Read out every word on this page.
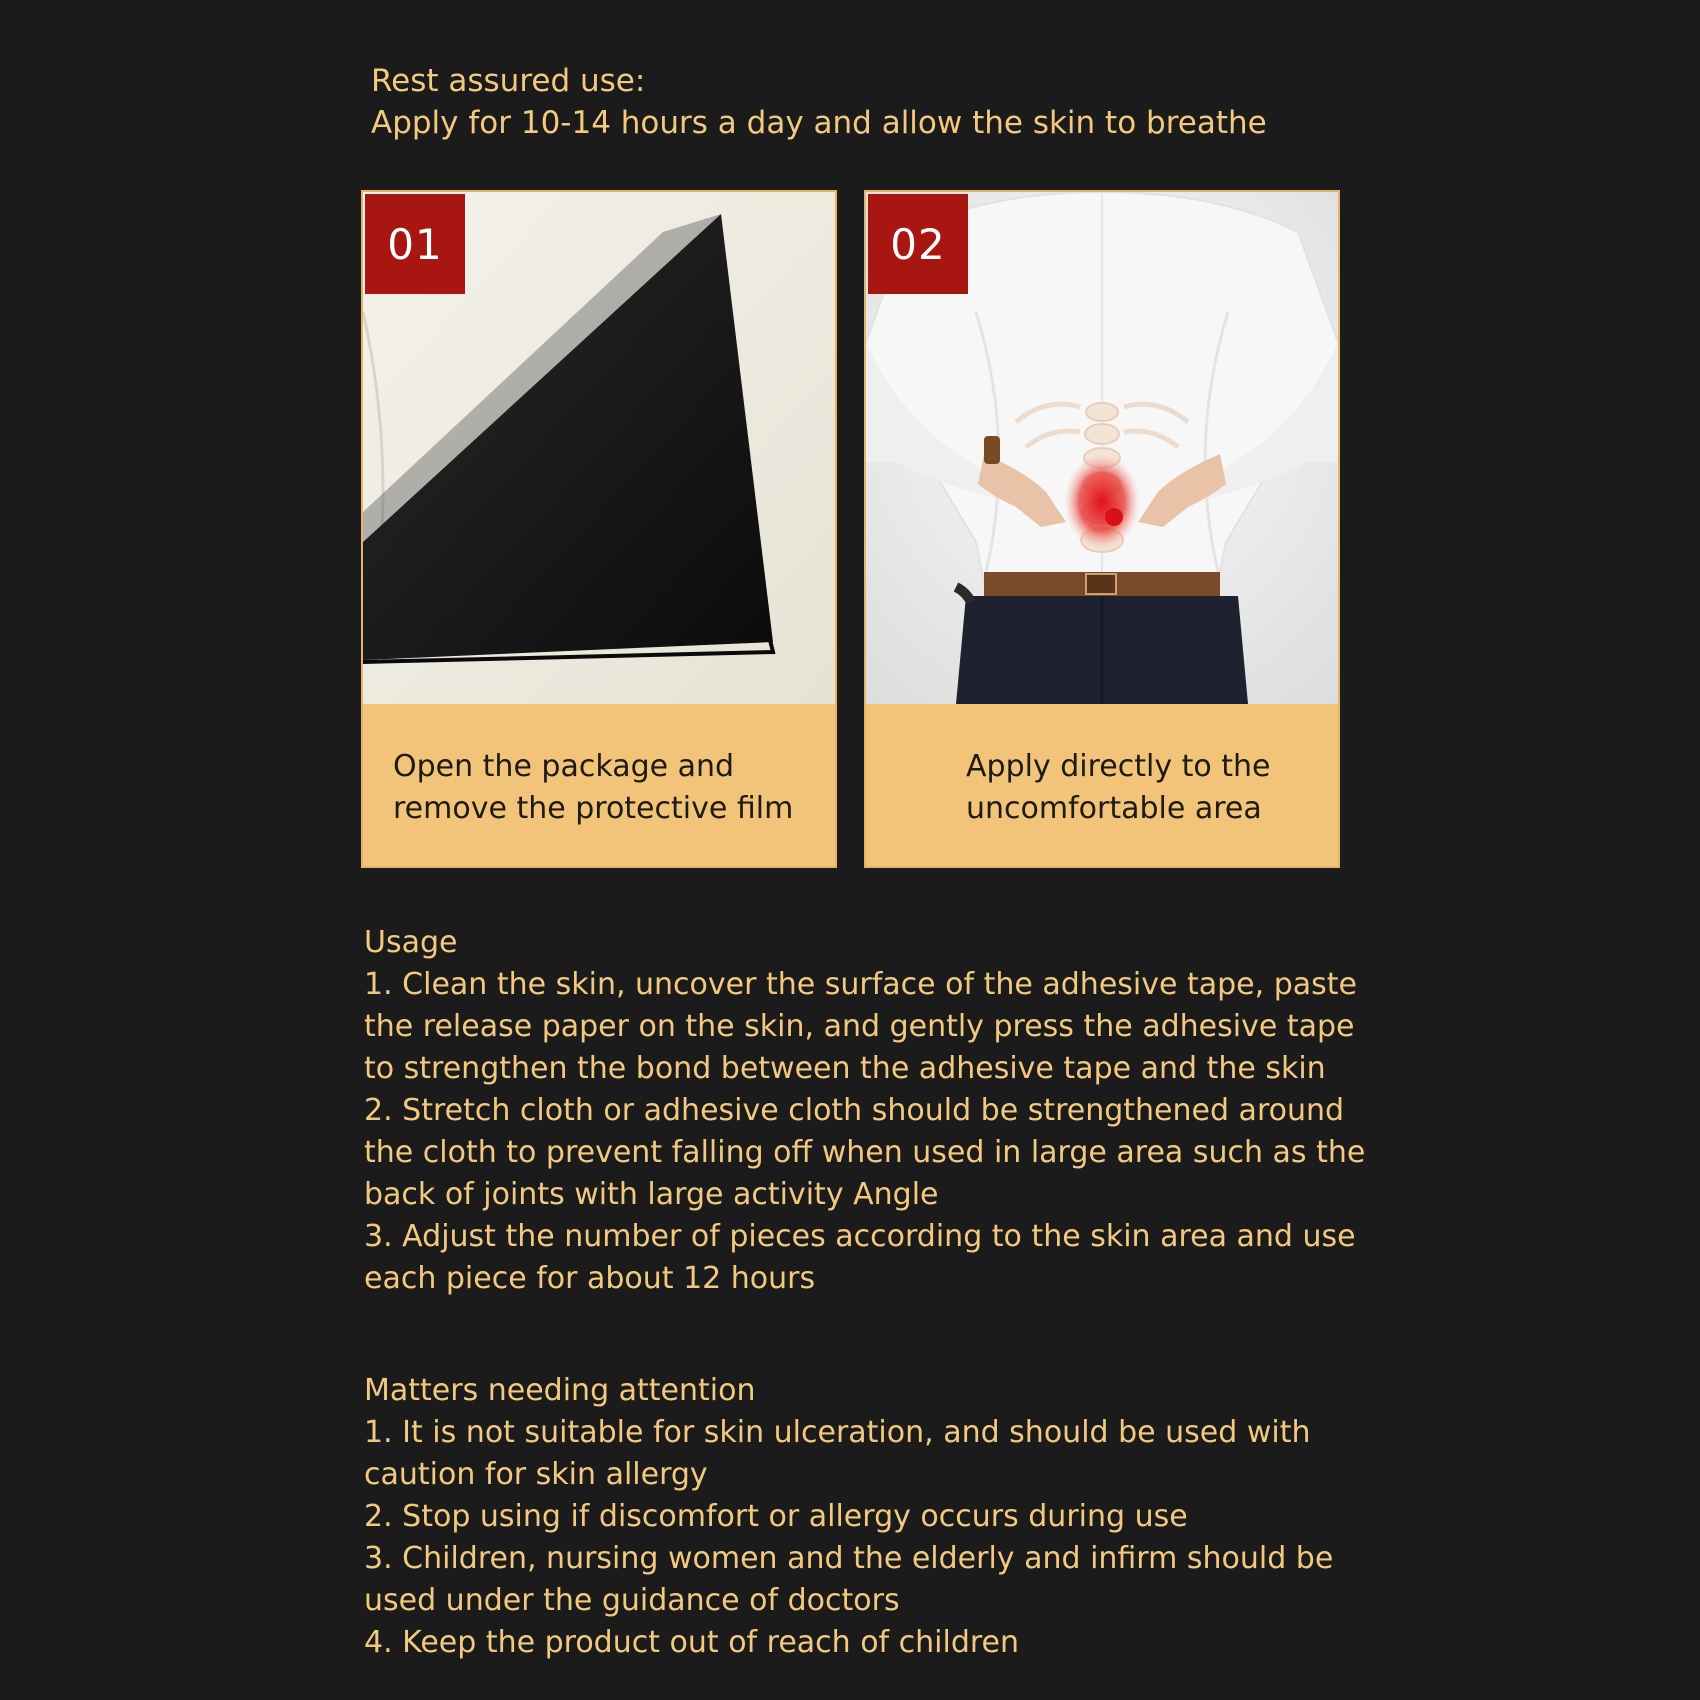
Rest assured use:
Apply for 10-14 hours a day and allow the skin to breathe
01
Open the package and
remove the protective film
02
Apply directly to the
uncomfortable area
Usage
1. Clean the skin, uncover the surface of the adhesive tape, paste
the release paper on the skin, and gently press the adhesive tape
to strengthen the bond between the adhesive tape and the skin
2. Stretch cloth or adhesive cloth should be strengthened around
the cloth to prevent falling off when used in large area such as the
back of joints with large activity Angle
3. Adjust the number of pieces according to the skin area and use
each piece for about 12 hours
Matters needing attention
1. It is not suitable for skin ulceration, and should be used with
caution for skin allergy
2. Stop using if discomfort or allergy occurs during use
3. Children, nursing women and the elderly and infirm should be
used under the guidance of doctors
4. Keep the product out of reach of children
